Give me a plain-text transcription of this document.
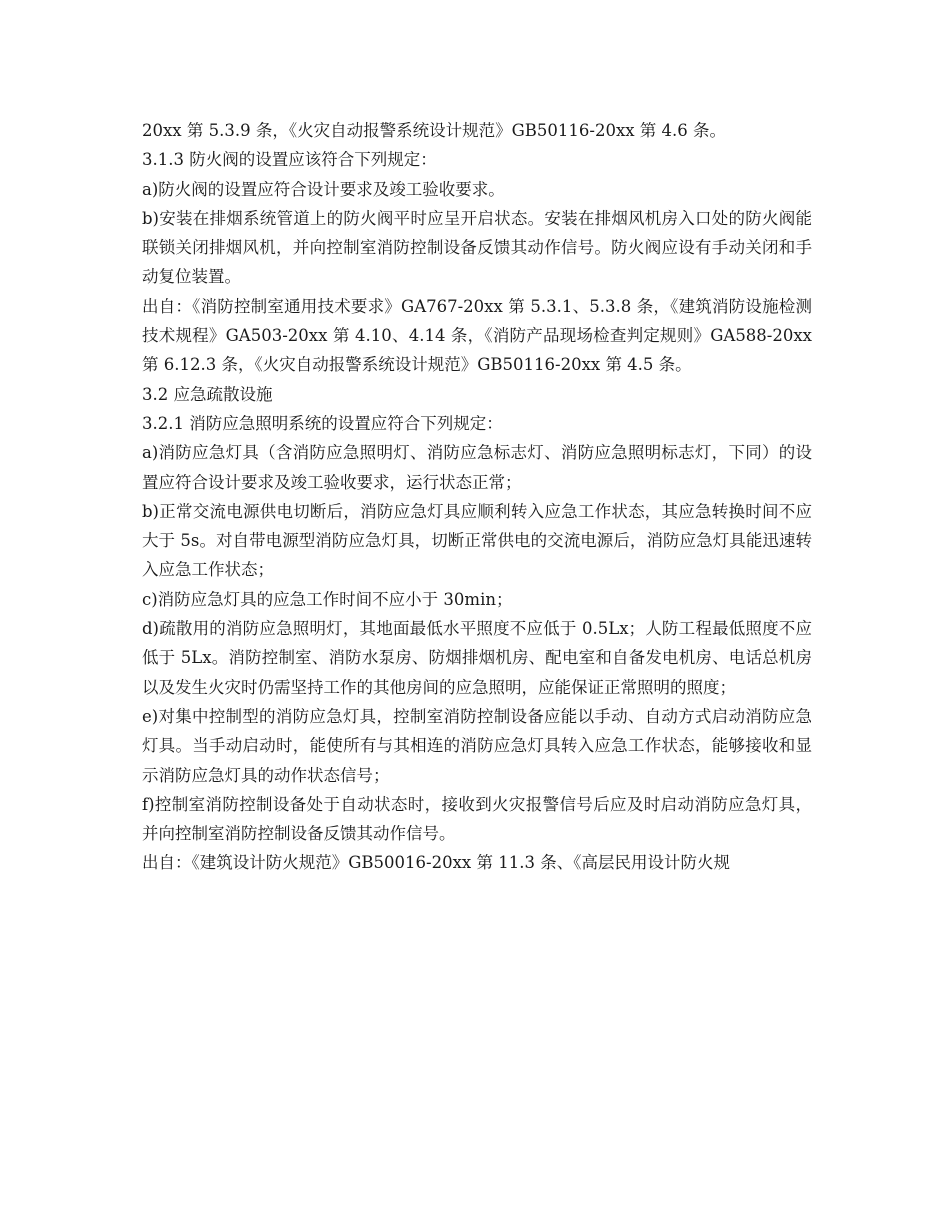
20xx 第 5.3.9 条，《火灾自动报警系统设计规范》GB50116-20xx 第 4.6 条。

3.1.3 防火阀的设置应该符合下列规定：

a)防火阀的设置应符合设计要求及竣工验收要求。

b)安装在排烟系统管道上的防火阀平时应呈开启状态。安装在排烟风机房入口处的防火阀能联锁关闭排烟风机，并向控制室消防控制设备反馈其动作信号。防火阀应设有手动关闭和手动复位装置。

出自：《消防控制室通用技术要求》GA767-20xx 第 5.3.1、5.3.8 条，《建筑消防设施检测技术规程》GA503-20xx 第 4.10、4.14 条，《消防产品现场检查判定规则》GA588-20xx 第 6.12.3 条，《火灾自动报警系统设计规范》GB50116-20xx 第 4.5 条。

3.2 应急疏散设施

3.2.1 消防应急照明系统的设置应符合下列规定：

a)消防应急灯具（含消防应急照明灯、消防应急标志灯、消防应急照明标志灯，下同）的设置应符合设计要求及竣工验收要求，运行状态正常；

b)正常交流电源供电切断后，消防应急灯具应顺利转入应急工作状态，其应急转换时间不应大于 5s。对自带电源型消防应急灯具，切断正常供电的交流电源后，消防应急灯具能迅速转入应急工作状态；

c)消防应急灯具的应急工作时间不应小于 30min；

d)疏散用的消防应急照明灯，其地面最低水平照度不应低于 0.5Lx；人防工程最低照度不应低于 5Lx。消防控制室、消防水泵房、防烟排烟机房、配电室和自备发电机房、电话总机房以及发生火灾时仍需坚持工作的其他房间的应急照明，应能保证正常照明的照度；

e)对集中控制型的消防应急灯具，控制室消防控制设备应能以手动、自动方式启动消防应急灯具。当手动启动时，能使所有与其相连的消防应急灯具转入应急工作状态，能够接收和显示消防应急灯具的动作状态信号；

f)控制室消防控制设备处于自动状态时，接收到火灾报警信号后应及时启动消防应急灯具，并向控制室消防控制设备反馈其动作信号。

出自：《建筑设计防火规范》GB50016-20xx 第 11.3 条、《高层民用设计防火规
